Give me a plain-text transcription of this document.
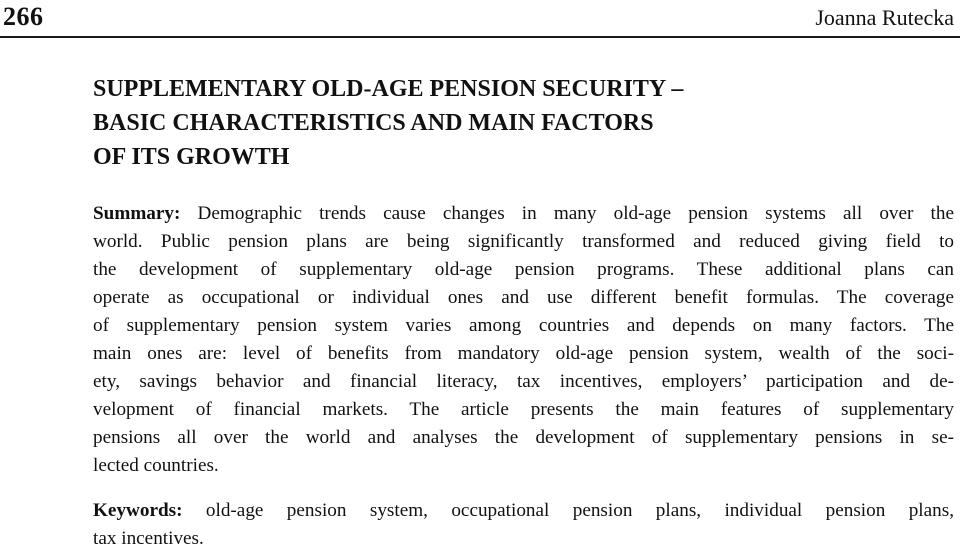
266	Joanna Rutecka
SUPPLEMENTARY OLD-AGE PENSION SECURITY –
BASIC CHARACTERISTICS AND MAIN FACTORS
OF ITS GROWTH
Summary: Demographic trends cause changes in many old-age pension systems all over the
world. Public pension plans are being significantly transformed and reduced giving field to
the development of supplementary old-age pension programs. These additional plans can
operate as occupational or individual ones and use different benefit formulas. The coverage
of supplementary pension system varies among countries and depends on many factors. The
main ones are: level of benefits from mandatory old-age pension system, wealth of the soci-
ety, savings behavior and financial literacy, tax incentives, employers’ participation and de-
velopment of financial markets. The article presents the main features of supplementary
pensions all over the world and analyses the development of supplementary pensions in se-
lected countries.
Keywords: old-age pension system, occupational pension plans, individual pension plans,
tax incentives.
